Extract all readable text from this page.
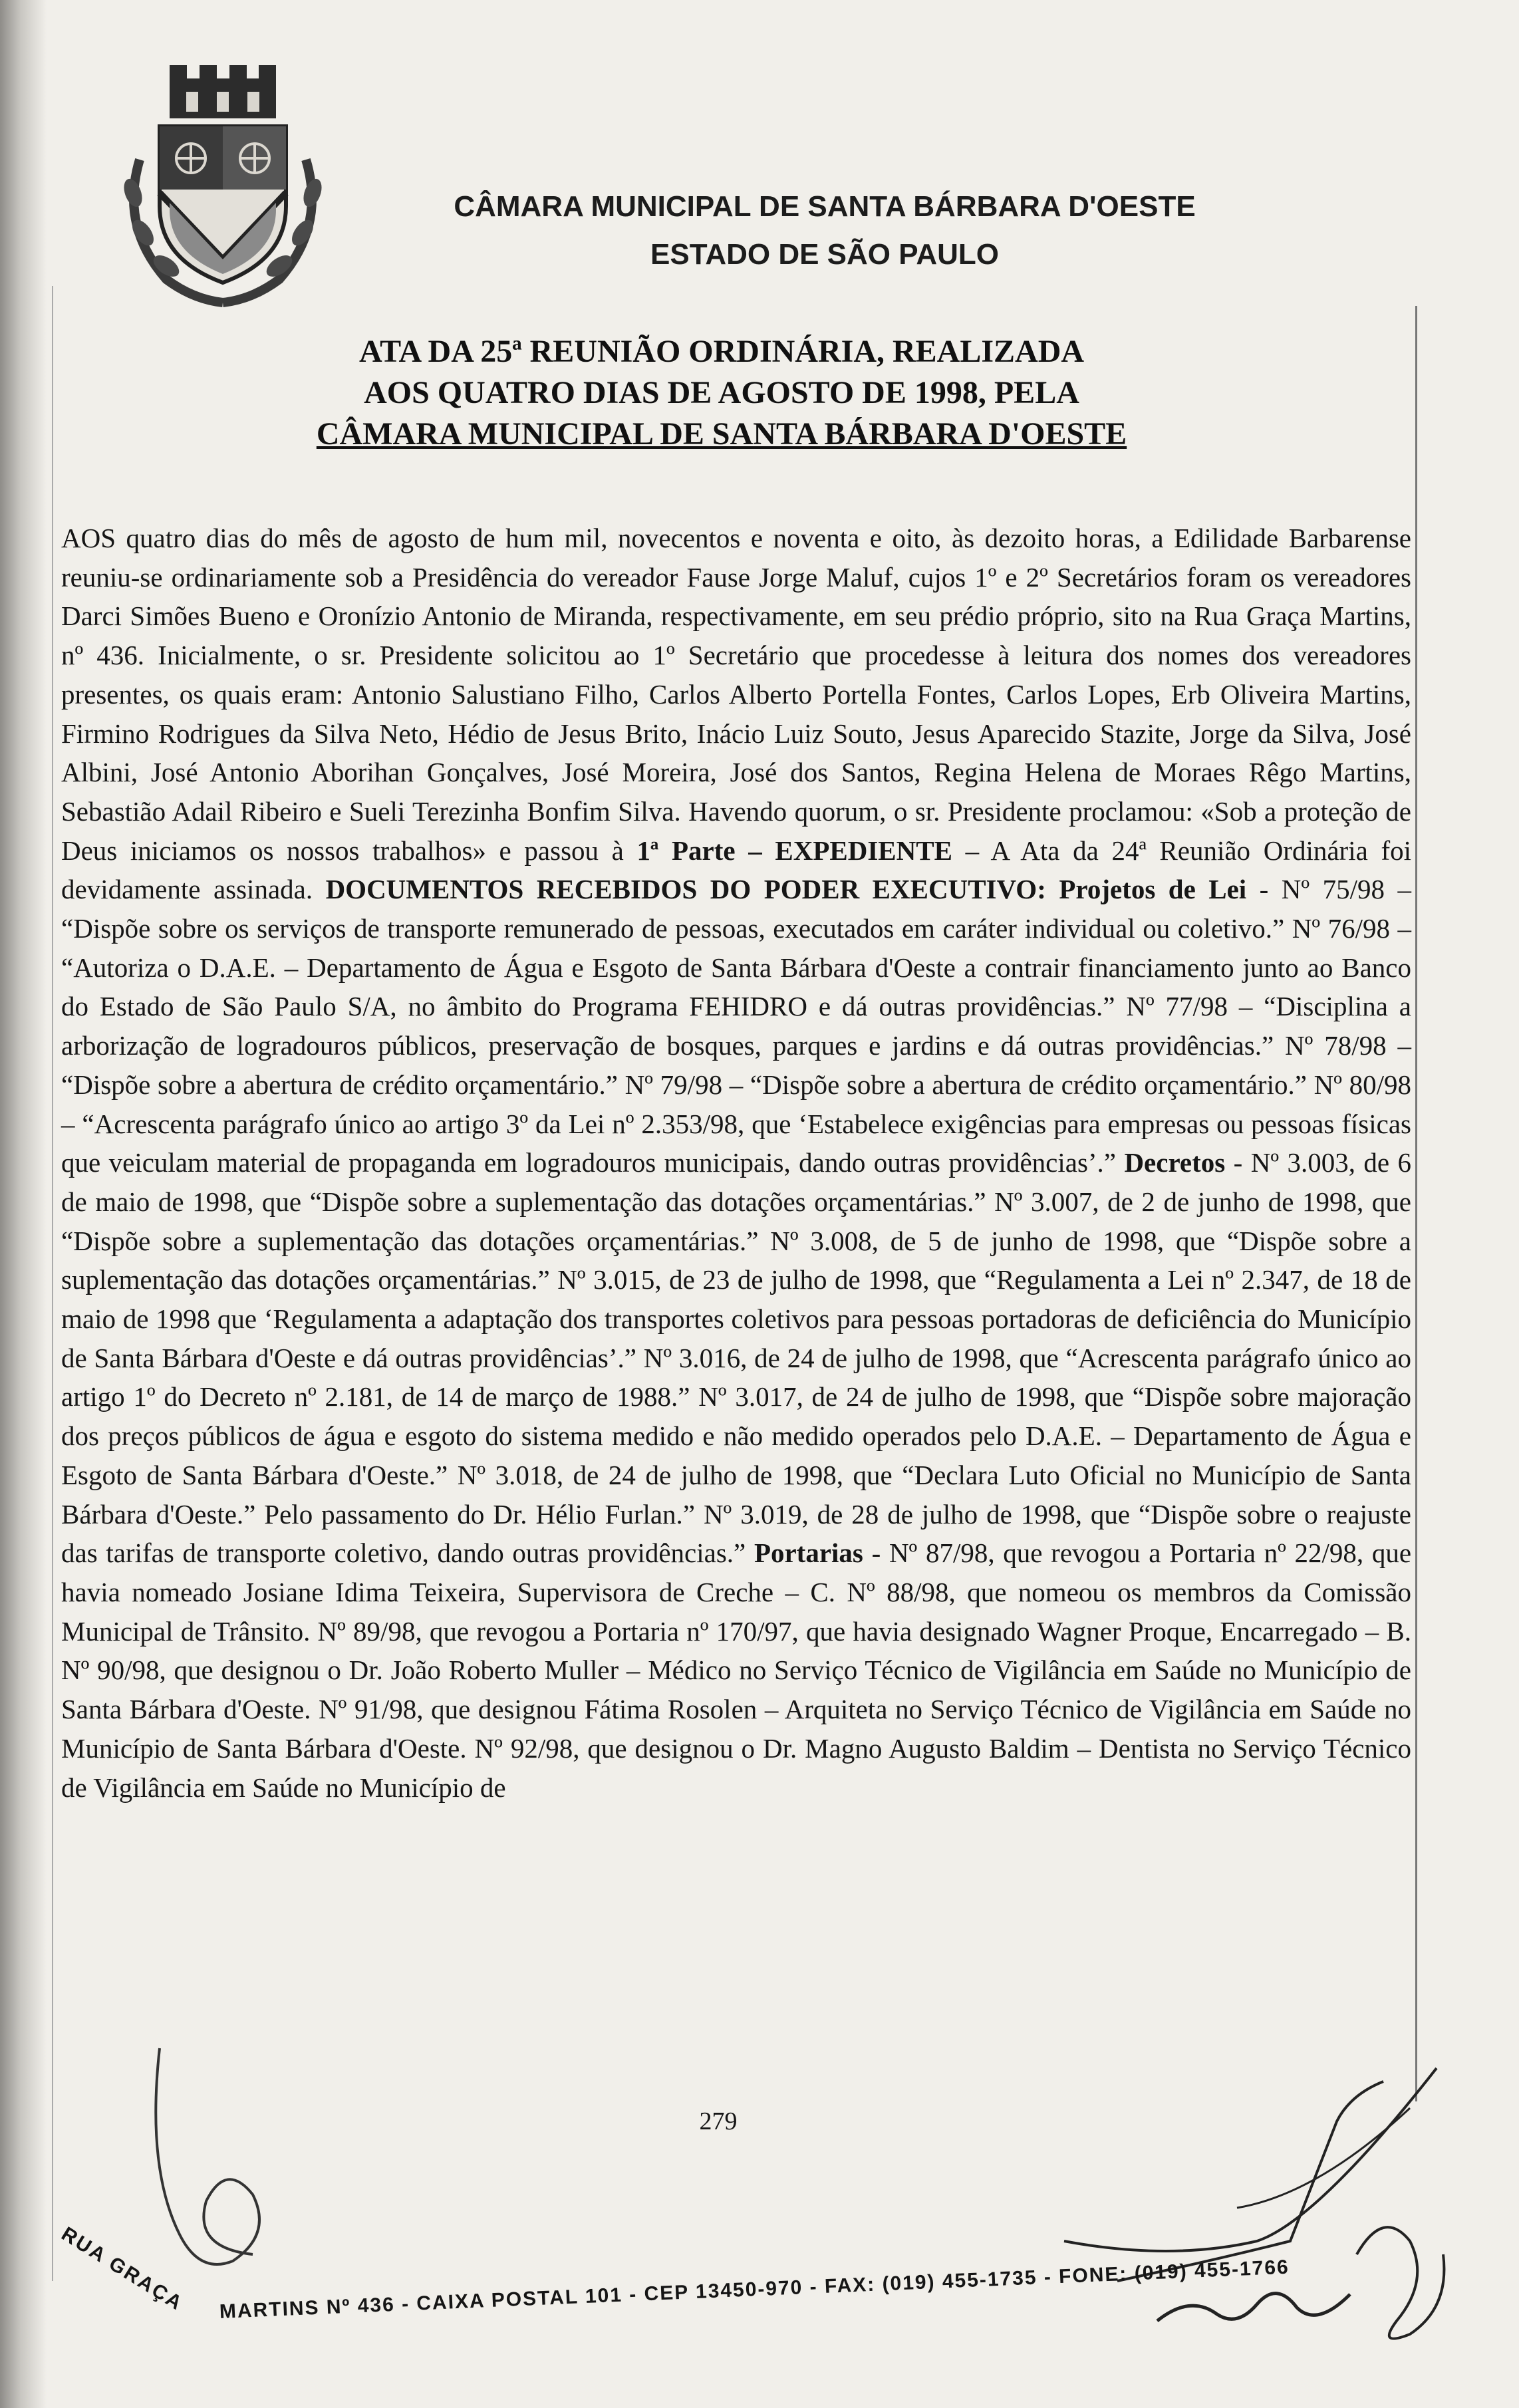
CÂMARA MUNICIPAL DE SANTA BÁRBARA D'OESTE
ESTADO DE SÃO PAULO
ATA DA 25ª REUNIÃO ORDINÁRIA, REALIZADA
AOS QUATRO DIAS DE AGOSTO DE 1998, PELA
CÂMARA MUNICIPAL DE SANTA BÁRBARA D'OESTE

AOS quatro dias do mês de agosto de hum mil, novecentos e noventa e oito, às dezoito horas, a Edilidade Barbarense reuniu-se ordinariamente sob a Presidência do vereador Fause Jorge Maluf, cujos 1º e 2º Secretários foram os vereadores Darci Simões Bueno e Oronízio Antonio de Miranda, respectivamente, em seu prédio próprio, sito na Rua Graça Martins, nº 436. Inicialmente, o sr. Presidente solicitou ao 1º Secretário que procedesse à leitura dos nomes dos vereadores presentes, os quais eram: Antonio Salustiano Filho, Carlos Alberto Portella Fontes, Carlos Lopes, Erb Oliveira Martins, Firmino Rodrigues da Silva Neto, Hédio de Jesus Brito, Inácio Luiz Souto, Jesus Aparecido Stazite, Jorge da Silva, José Albini, José Antonio Aborihan Gonçalves, José Moreira, José dos Santos, Regina Helena de Moraes Rêgo Martins, Sebastião Adail Ribeiro e Sueli Terezinha Bonfim Silva. Havendo quorum, o sr. Presidente proclamou: «Sob a proteção de Deus iniciamos os nossos trabalhos» e passou à 1ª Parte – EXPEDIENTE – A Ata da 24ª Reunião Ordinária foi devidamente assinada. DOCUMENTOS RECEBIDOS DO PODER EXECUTIVO: Projetos de Lei - Nº 75/98 – “Dispõe sobre os serviços de transporte remunerado de pessoas, executados em caráter individual ou coletivo.” Nº 76/98 – “Autoriza o D.A.E. – Departamento de Água e Esgoto de Santa Bárbara d'Oeste a contrair financiamento junto ao Banco do Estado de São Paulo S/A, no âmbito do Programa FEHIDRO e dá outras providências.” Nº 77/98 – “Disciplina a arborização de logradouros públicos, preservação de bosques, parques e jardins e dá outras providências.” Nº 78/98 – “Dispõe sobre a abertura de crédito orçamentário.” Nº 79/98 – “Dispõe sobre a abertura de crédito orçamentário.” Nº 80/98 – “Acrescenta parágrafo único ao artigo 3º da Lei nº 2.353/98, que ‘Estabelece exigências para empresas ou pessoas físicas que veiculam material de propaganda em logradouros municipais, dando outras providências’.” Decretos - Nº 3.003, de 6 de maio de 1998, que “Dispõe sobre a suplementação das dotações orçamentárias.” Nº 3.007, de 2 de junho de 1998, que “Dispõe sobre a suplementação das dotações orçamentárias.” Nº 3.008, de 5 de junho de 1998, que “Dispõe sobre a suplementação das dotações orçamentárias.” Nº 3.015, de 23 de julho de 1998, que “Regulamenta a Lei nº 2.347, de 18 de maio de 1998 que ‘Regulamenta a adaptação dos transportes coletivos para pessoas portadoras de deficiência do Município de Santa Bárbara d'Oeste e dá outras providências’.” Nº 3.016, de 24 de julho de 1998, que “Acrescenta parágrafo único ao artigo 1º do Decreto nº 2.181, de 14 de março de 1988.” Nº 3.017, de 24 de julho de 1998, que “Dispõe sobre majoração dos preços públicos de água e esgoto do sistema medido e não medido operados pelo D.A.E. – Departamento de Água e Esgoto de Santa Bárbara d'Oeste.” Nº 3.018, de 24 de julho de 1998, que “Declara Luto Oficial no Município de Santa Bárbara d'Oeste.” Pelo passamento do Dr. Hélio Furlan.” Nº 3.019, de 28 de julho de 1998, que “Dispõe sobre o reajuste das tarifas de transporte coletivo, dando outras providências.” Portarias - Nº 87/98, que revogou a Portaria nº 22/98, que havia nomeado Josiane Idima Teixeira, Supervisora de Creche – C. Nº 88/98, que nomeou os membros da Comissão Municipal de Trânsito. Nº 89/98, que revogou a Portaria nº 170/97, que havia designado Wagner Proque, Encarregado – B. Nº 90/98, que designou o Dr. João Roberto Muller – Médico no Serviço Técnico de Vigilância em Saúde no Município de Santa Bárbara d'Oeste. Nº 91/98, que designou Fátima Rosolen – Arquiteta no Serviço Técnico de Vigilância em Saúde no Município de Santa Bárbara d'Oeste. Nº 92/98, que designou o Dr. Magno Augusto Baldim – Dentista no Serviço Técnico de Vigilância em Saúde no Município de

279
RUA GRAÇA MARTINS Nº 436 - CAIXA POSTAL 101 - CEP 13450-970 - FAX: (019) 455-1735 - FONE: (019) 455-1766
